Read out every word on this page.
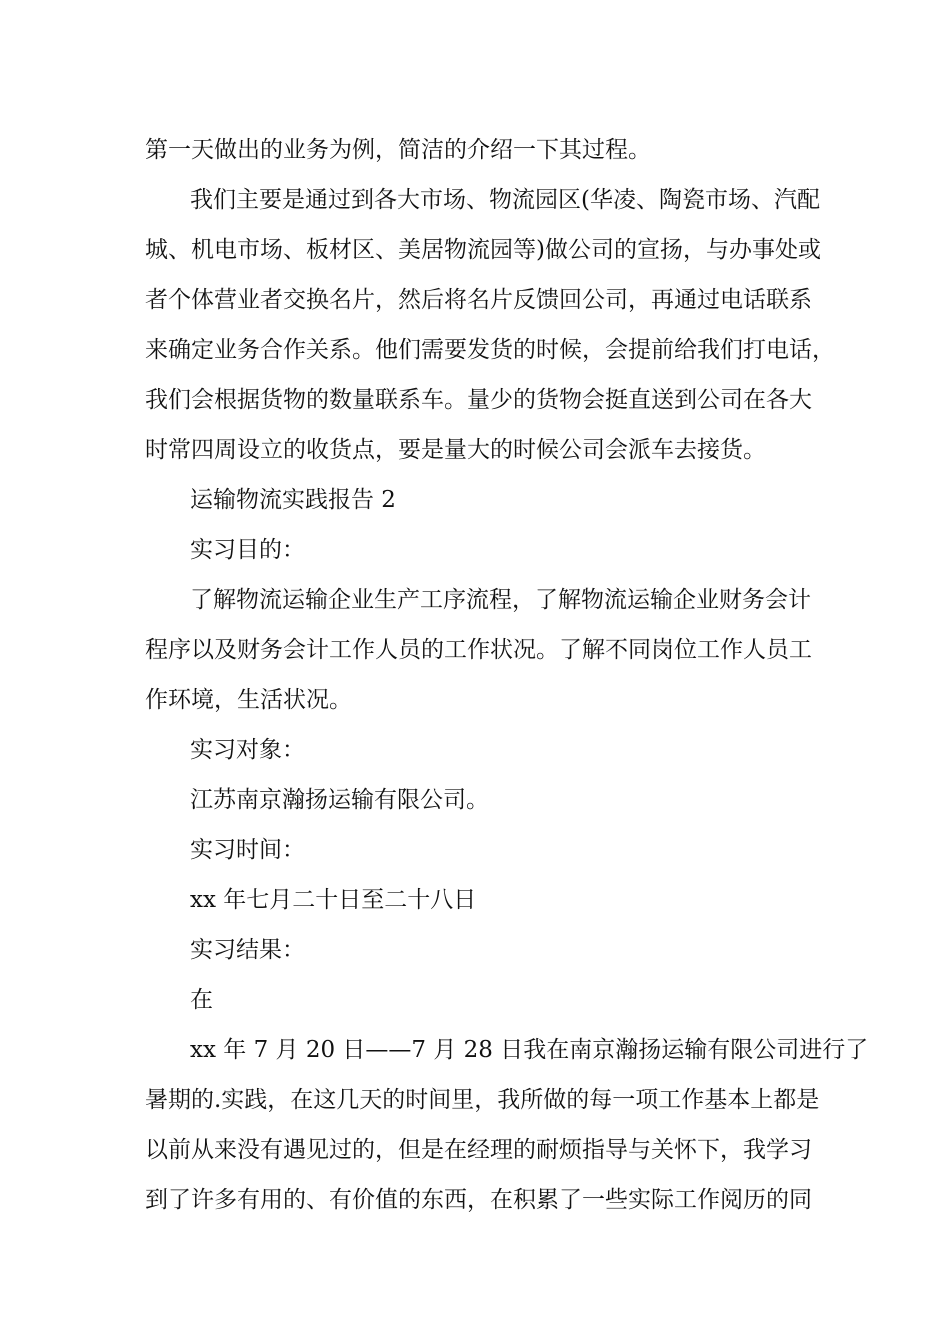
第一天做出的业务为例，简洁的介绍一下其过程。

我们主要是通过到各大市场、物流园区(华凌、陶瓷市场、汽配

城、机电市场、板材区、美居物流园等)做公司的宣扬，与办事处或

者个体营业者交换名片，然后将名片反馈回公司，再通过电话联系

来确定业务合作关系。他们需要发货的时候，会提前给我们打电话，

我们会根据货物的数量联系车。量少的货物会挺直送到公司在各大

时常四周设立的收货点，要是量大的时候公司会派车去接货。

运输物流实践报告 2

实习目的：

了解物流运输企业生产工序流程，了解物流运输企业财务会计

程序以及财务会计工作人员的工作状况。了解不同岗位工作人员工

作环境，生活状况。

实习对象：

江苏南京瀚扬运输有限公司。

实习时间：

xx 年七月二十日至二十八日

实习结果：

在

xx 年 7 月 20 日——7 月 28 日我在南京瀚扬运输有限公司进行了

暑期的.实践，在这几天的时间里，我所做的每一项工作基本上都是

以前从来没有遇见过的，但是在经理的耐烦指导与关怀下，我学习

到了许多有用的、有价值的东西，在积累了一些实际工作阅历的同
